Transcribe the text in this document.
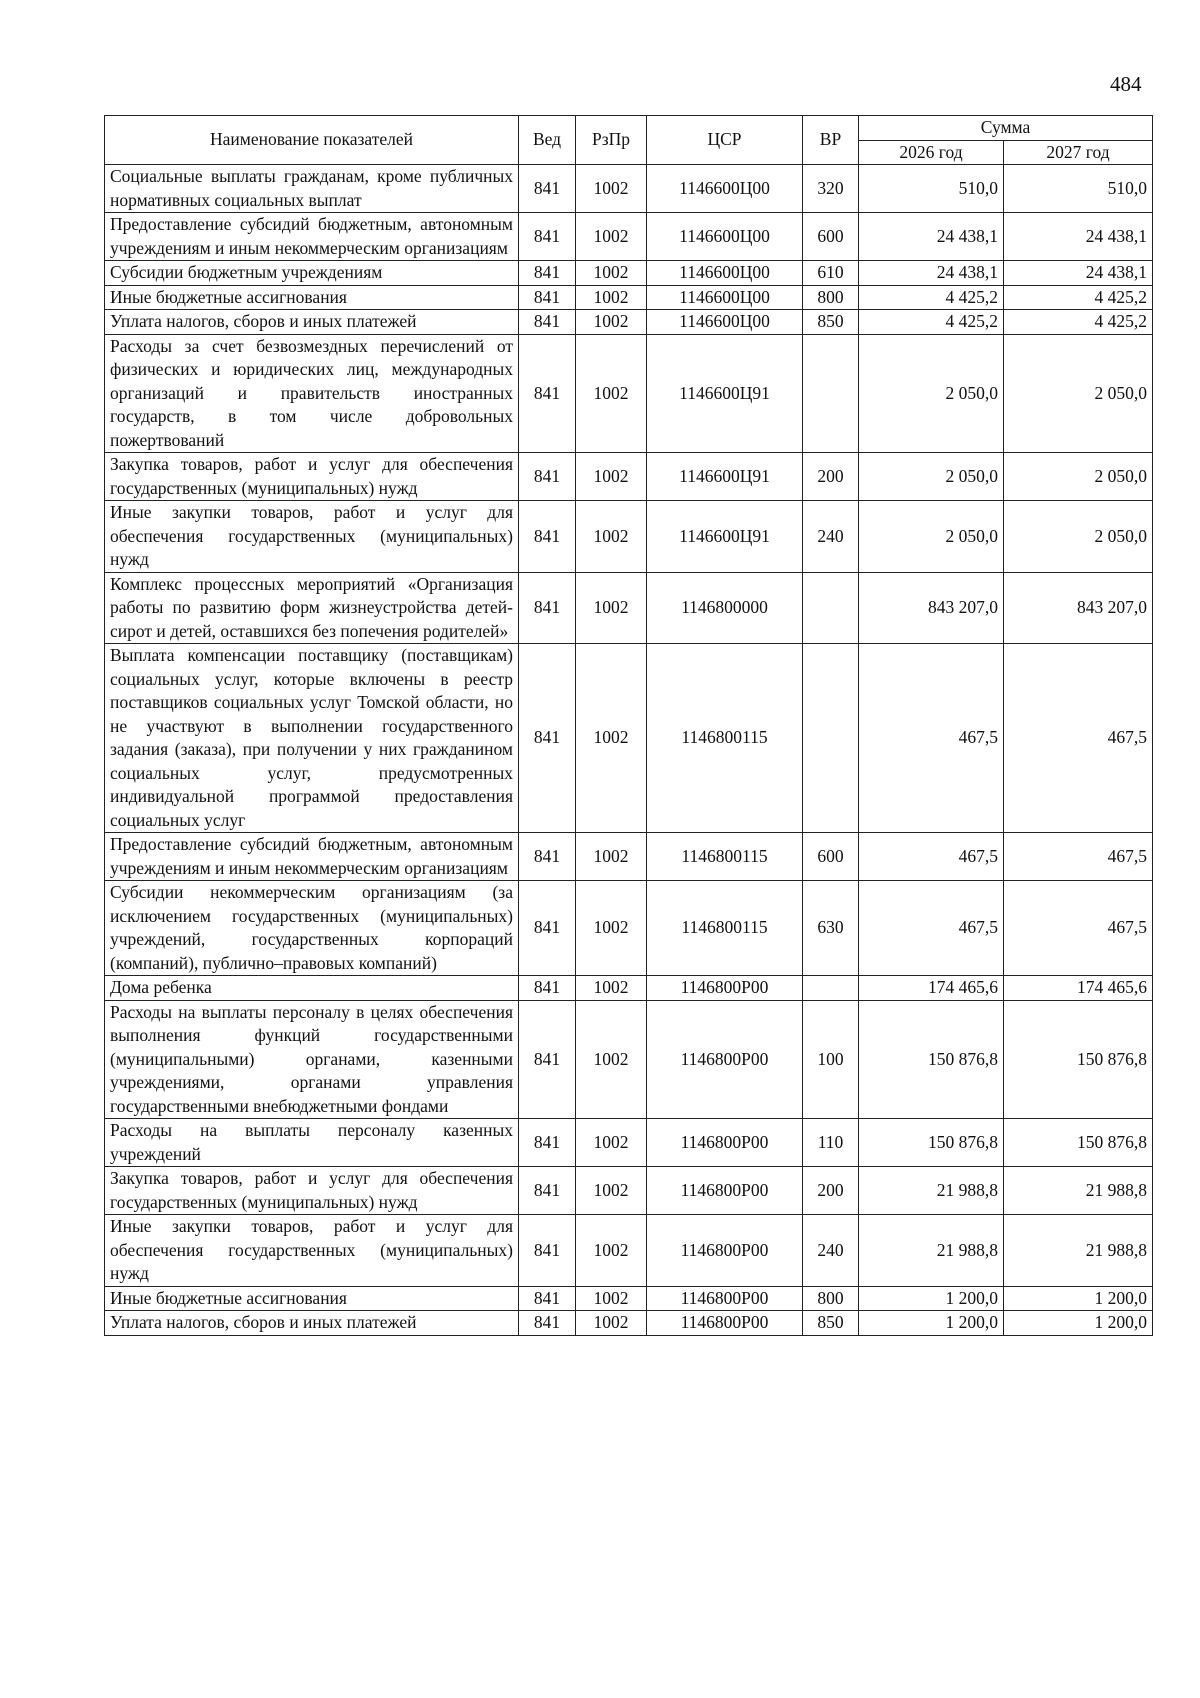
484
Наименование показателей	Вед	РзПр	ЦСР	ВР	Сумма	
					2026 год	2027 год
Социальные выплаты гражданам, кроме публичных нормативных социальных выплат	841	1002	1146600Ц00	320	510,0	510,0
Предоставление субсидий бюджетным, автономным учреждениям и иным некоммерческим организациям	841	1002	1146600Ц00	600	24 438,1	24 438,1
Субсидии бюджетным учреждениям	841	1002	1146600Ц00	610	24 438,1	24 438,1
Иные бюджетные ассигнования	841	1002	1146600Ц00	800	4 425,2	4 425,2
Уплата налогов, сборов и иных платежей	841	1002	1146600Ц00	850	4 425,2	4 425,2
Расходы за счет безвозмездных перечислений от физических и юридических лиц, международных организаций и правительств иностранных государств, в том числе добровольных пожертвований	841	1002	1146600Ц91		2 050,0	2 050,0
Закупка товаров, работ и услуг для обеспечения государственных (муниципальных) нужд	841	1002	1146600Ц91	200	2 050,0	2 050,0
Иные закупки товаров, работ и услуг для обеспечения государственных (муниципальных) нужд	841	1002	1146600Ц91	240	2 050,0	2 050,0
Комплекс процессных мероприятий «Организация работы по развитию форм жизнеустройства детей-сирот и детей, оставшихся без попечения родителей»	841	1002	1146800000		843 207,0	843 207,0
Выплата компенсации поставщику (поставщикам) социальных услуг, которые включены в реестр поставщиков социальных услуг Томской области, но не участвуют в выполнении государственного задания (заказа), при получении у них гражданином социальных услуг, предусмотренных индивидуальной программой предоставления социальных услуг	841	1002	1146800115		467,5	467,5
Предоставление субсидий бюджетным, автономным учреждениям и иным некоммерческим организациям	841	1002	1146800115	600	467,5	467,5
Субсидии некоммерческим организациям (за исключением государственных (муниципальных) учреждений, государственных корпораций (компаний), публично–правовых компаний)	841	1002	1146800115	630	467,5	467,5
Дома ребенка	841	1002	1146800Р00		174 465,6	174 465,6
Расходы на выплаты персоналу в целях обеспечения выполнения функций государственными (муниципальными) органами, казенными учреждениями, органами управления государственными внебюджетными фондами	841	1002	1146800Р00	100	150 876,8	150 876,8
Расходы на выплаты персоналу казенных учреждений	841	1002	1146800Р00	110	150 876,8	150 876,8
Закупка товаров, работ и услуг для обеспечения государственных (муниципальных) нужд	841	1002	1146800Р00	200	21 988,8	21 988,8
Иные закупки товаров, работ и услуг для обеспечения государственных (муниципальных) нужд	841	1002	1146800Р00	240	21 988,8	21 988,8
Иные бюджетные ассигнования	841	1002	1146800Р00	800	1 200,0	1 200,0
Уплата налогов, сборов и иных платежей	841	1002	1146800Р00	850	1 200,0	1 200,0
